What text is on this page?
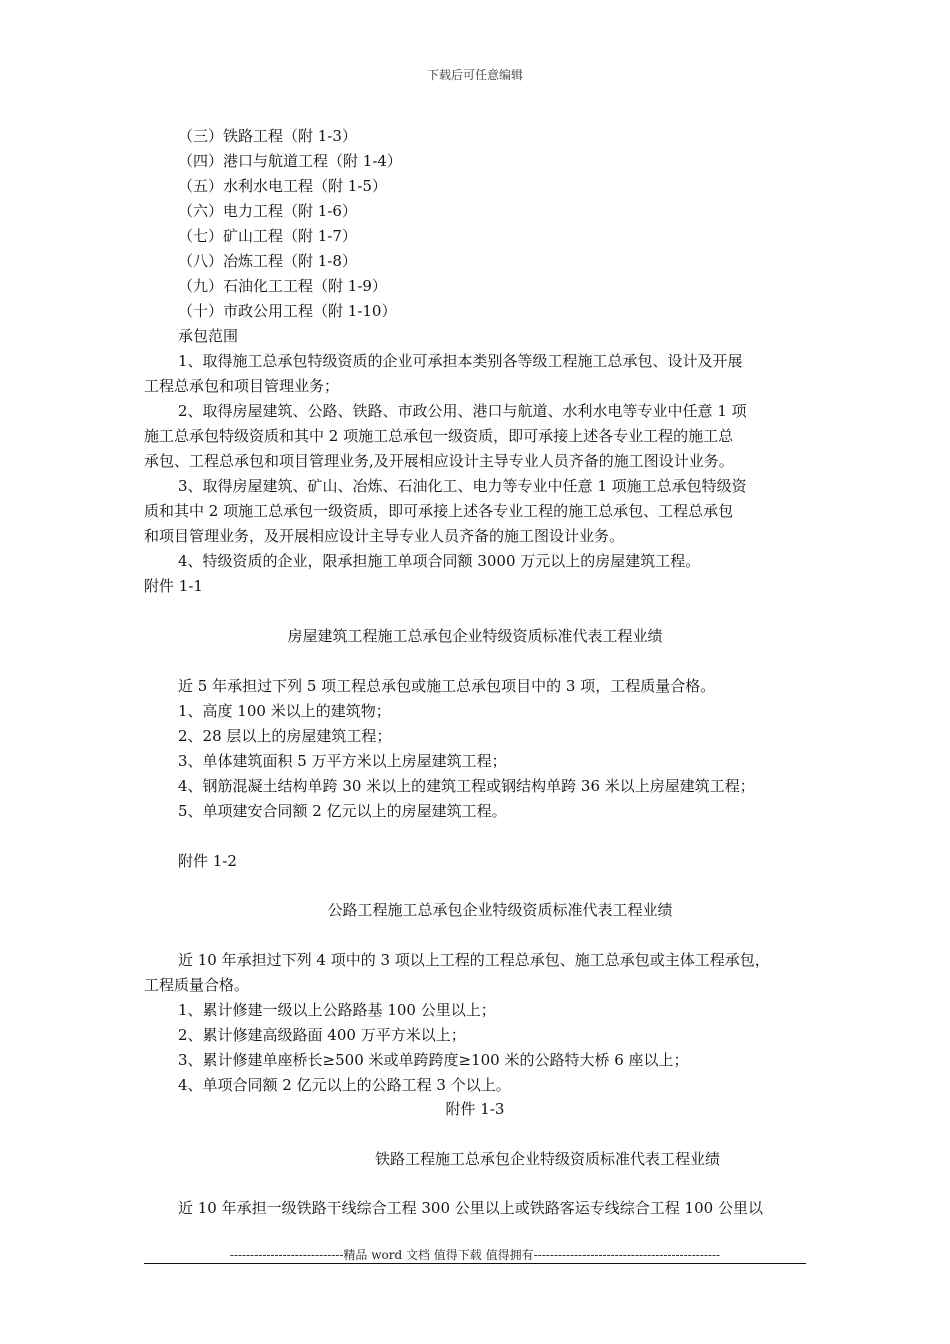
下载后可任意编辑
（三）铁路工程（附 1-3）
（四）港口与航道工程（附 1-4）
（五）水利水电工程（附 1-5）
（六）电力工程（附 1-6）
（七）矿山工程（附 1-7）
（八）冶炼工程（附 1-8）
（九）石油化工工程（附 1-9）
（十）市政公用工程（附 1-10）
承包范围
1、取得施工总承包特级资质的企业可承担本类别各等级工程施工总承包、设计及开展
工程总承包和项目管理业务；
2、取得房屋建筑、公路、铁路、市政公用、港口与航道、水利水电等专业中任意 1 项
施工总承包特级资质和其中 2 项施工总承包一级资质，即可承接上述各专业工程的施工总
承包、工程总承包和项目管理业务,及开展相应设计主导专业人员齐备的施工图设计业务。
3、取得房屋建筑、矿山、冶炼、石油化工、电力等专业中任意 1 项施工总承包特级资
质和其中 2 项施工总承包一级资质，即可承接上述各专业工程的施工总承包、工程总承包
和项目管理业务，及开展相应设计主导专业人员齐备的施工图设计业务。
4、特级资质的企业，限承担施工单项合同额 3000 万元以上的房屋建筑工程。
附件 1-1
房屋建筑工程施工总承包企业特级资质标准代表工程业绩
近 5 年承担过下列 5 项工程总承包或施工总承包项目中的 3 项，工程质量合格。
1、高度 100 米以上的建筑物；
2、28 层以上的房屋建筑工程；
3、单体建筑面积 5 万平方米以上房屋建筑工程；
4、钢筋混凝土结构单跨 30 米以上的建筑工程或钢结构单跨 36 米以上房屋建筑工程；
5、单项建安合同额 2 亿元以上的房屋建筑工程。
附件 1-2
公路工程施工总承包企业特级资质标准代表工程业绩
近 10 年承担过下列 4 项中的 3 项以上工程的工程总承包、施工总承包或主体工程承包，
工程质量合格。
1、累计修建一级以上公路路基 100 公里以上；
2、累计修建高级路面 400 万平方米以上；
3、累计修建单座桥长≥500 米或单跨跨度≥100 米的公路特大桥 6 座以上；
4、单项合同额 2 亿元以上的公路工程 3 个以上。
附件 1-3
铁路工程施工总承包企业特级资质标准代表工程业绩
近 10 年承担一级铁路干线综合工程 300 公里以上或铁路客运专线综合工程 100 公里以
----------------------------精品 word 文档 值得下载 值得拥有----------------------------------------------
